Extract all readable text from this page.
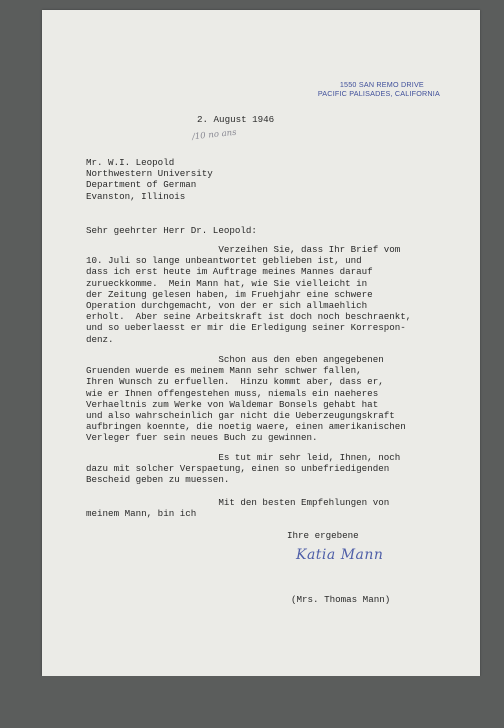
1550 SAN REMO DRIVE
PACIFIC PALISADES, CALIFORNIA
2. August 1946
/10 no ans
Mr. W.I. Leopold
Northwestern University
Department of German
Evanston, Illinois
Sehr geehrter Herr Dr. Leopold:
Verzeihen Sie, dass Ihr Brief vom
10. Juli so lange unbeantwortet geblieben ist, und
dass ich erst heute im Auftrage meines Mannes darauf
zurueckkomme.  Mein Mann hat, wie Sie vielleicht in
der Zeitung gelesen haben, im Fruehjahr eine schwere
Operation durchgemacht, von der er sich allmaehlich
erholt.  Aber seine Arbeitskraft ist doch noch beschraenkt,
und so ueberlaesst er mir die Erledigung seiner Korrespon-
denz.
Schon aus den eben angegebenen
Gruenden wuerde es meinem Mann sehr schwer fallen,
Ihren Wunsch zu erfuellen.  Hinzu kommt aber, dass er,
wie er Ihnen offengestehen muss, niemals ein naeheres
Verhaeltnis zum Werke von Waldemar Bonsels gehabt hat
und also wahrscheinlich gar nicht die Ueberzeugungskraft
aufbringen koennte, die noetig waere, einen amerikanischen
Verleger fuer sein neues Buch zu gewinnen.
Es tut mir sehr leid, Ihnen, noch
dazu mit solcher Verspaetung, einen so unbefriedigenden
Bescheid geben zu muessen.
Mit den besten Empfehlungen von
meinem Mann, bin ich
Ihre ergebene
Katia Mann
(Mrs. Thomas Mann)
